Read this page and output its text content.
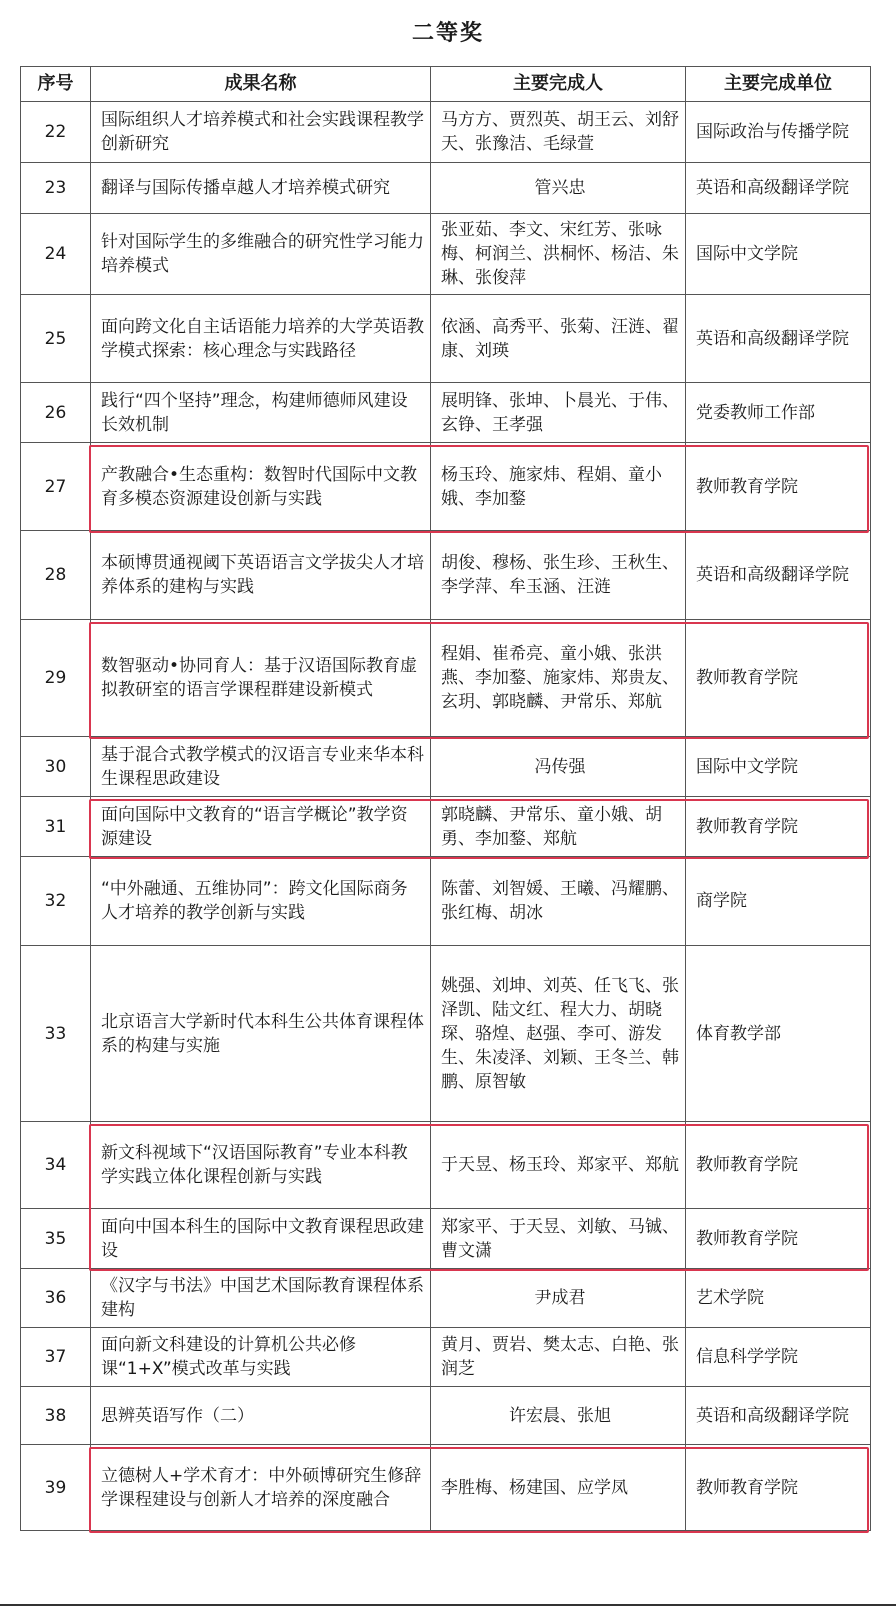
二等奖
序号	成果名称	主要完成人	主要完成单位
22	国际组织人才培养模式和社会实践课程教学创新研究	马方方、贾烈英、胡王云、刘舒天、张豫洁、毛绿萱	国际政治与传播学院
23	翻译与国际传播卓越人才培养模式研究	管兴忠	英语和高级翻译学院
24	针对国际学生的多维融合的研究性学习能力培养模式	张亚茹、李文、宋红芳、张咏梅、柯润兰、洪桐怀、杨洁、朱琳、张俊萍	国际中文学院
25	面向跨文化自主话语能力培养的大学英语教学模式探索：核心理念与实践路径	依涵、高秀平、张菊、汪涟、翟康、刘瑛	英语和高级翻译学院
26	践行“四个坚持”理念，构建师德师风建设长效机制	展明锋、张坤、卜晨光、于伟、玄铮、王孝强	党委教师工作部
27	产教融合•生态重构：数智时代国际中文教育多模态资源建设创新与实践	杨玉玲、施家炜、程娟、童小娥、李加鍪	教师教育学院
28	本硕博贯通视阈下英语语言文学拔尖人才培养体系的建构与实践	胡俊、穆杨、张生珍、王秋生、李学萍、牟玉涵、汪涟	英语和高级翻译学院
29	数智驱动•协同育人：基于汉语国际教育虚拟教研室的语言学课程群建设新模式	程娟、崔希亮、童小娥、张洪燕、李加鍪、施家炜、郑贵友、玄玥、郭晓麟、尹常乐、郑航	教师教育学院
30	基于混合式教学模式的汉语言专业来华本科生课程思政建设	冯传强	国际中文学院
31	面向国际中文教育的“语言学概论”教学资源建设	郭晓麟、尹常乐、童小娥、胡勇、李加鍪、郑航	教师教育学院
32	“中外融通、五维协同”：跨文化国际商务人才培养的教学创新与实践	陈蕾、刘智媛、王曦、冯耀鹏、张红梅、胡冰	商学院
33	北京语言大学新时代本科生公共体育课程体系的构建与实施	姚强、刘坤、刘英、任飞飞、张泽凯、陆文红、程大力、胡晓琛、骆煌、赵强、李可、游发生、朱凌泽、刘颖、王冬兰、韩鹏、原智敏	体育教学部
34	新文科视域下“汉语国际教育”专业本科教学实践立体化课程创新与实践	于天昱、杨玉玲、郑家平、郑航	教师教育学院
35	面向中国本科生的国际中文教育课程思政建设	郑家平、于天昱、刘敏、马铖、曹文潇	教师教育学院
36	《汉字与书法》中国艺术国际教育课程体系建构	尹成君	艺术学院
37	面向新文科建设的计算机公共必修课“1+X”模式改革与实践	黄月、贾岩、樊太志、白艳、张润芝	信息科学学院
38	思辨英语写作（二）	许宏晨、张旭	英语和高级翻译学院
39	立德树人+学术育才：中外硕博研究生修辞学课程建设与创新人才培养的深度融合	李胜梅、杨建国、应学凤	教师教育学院
